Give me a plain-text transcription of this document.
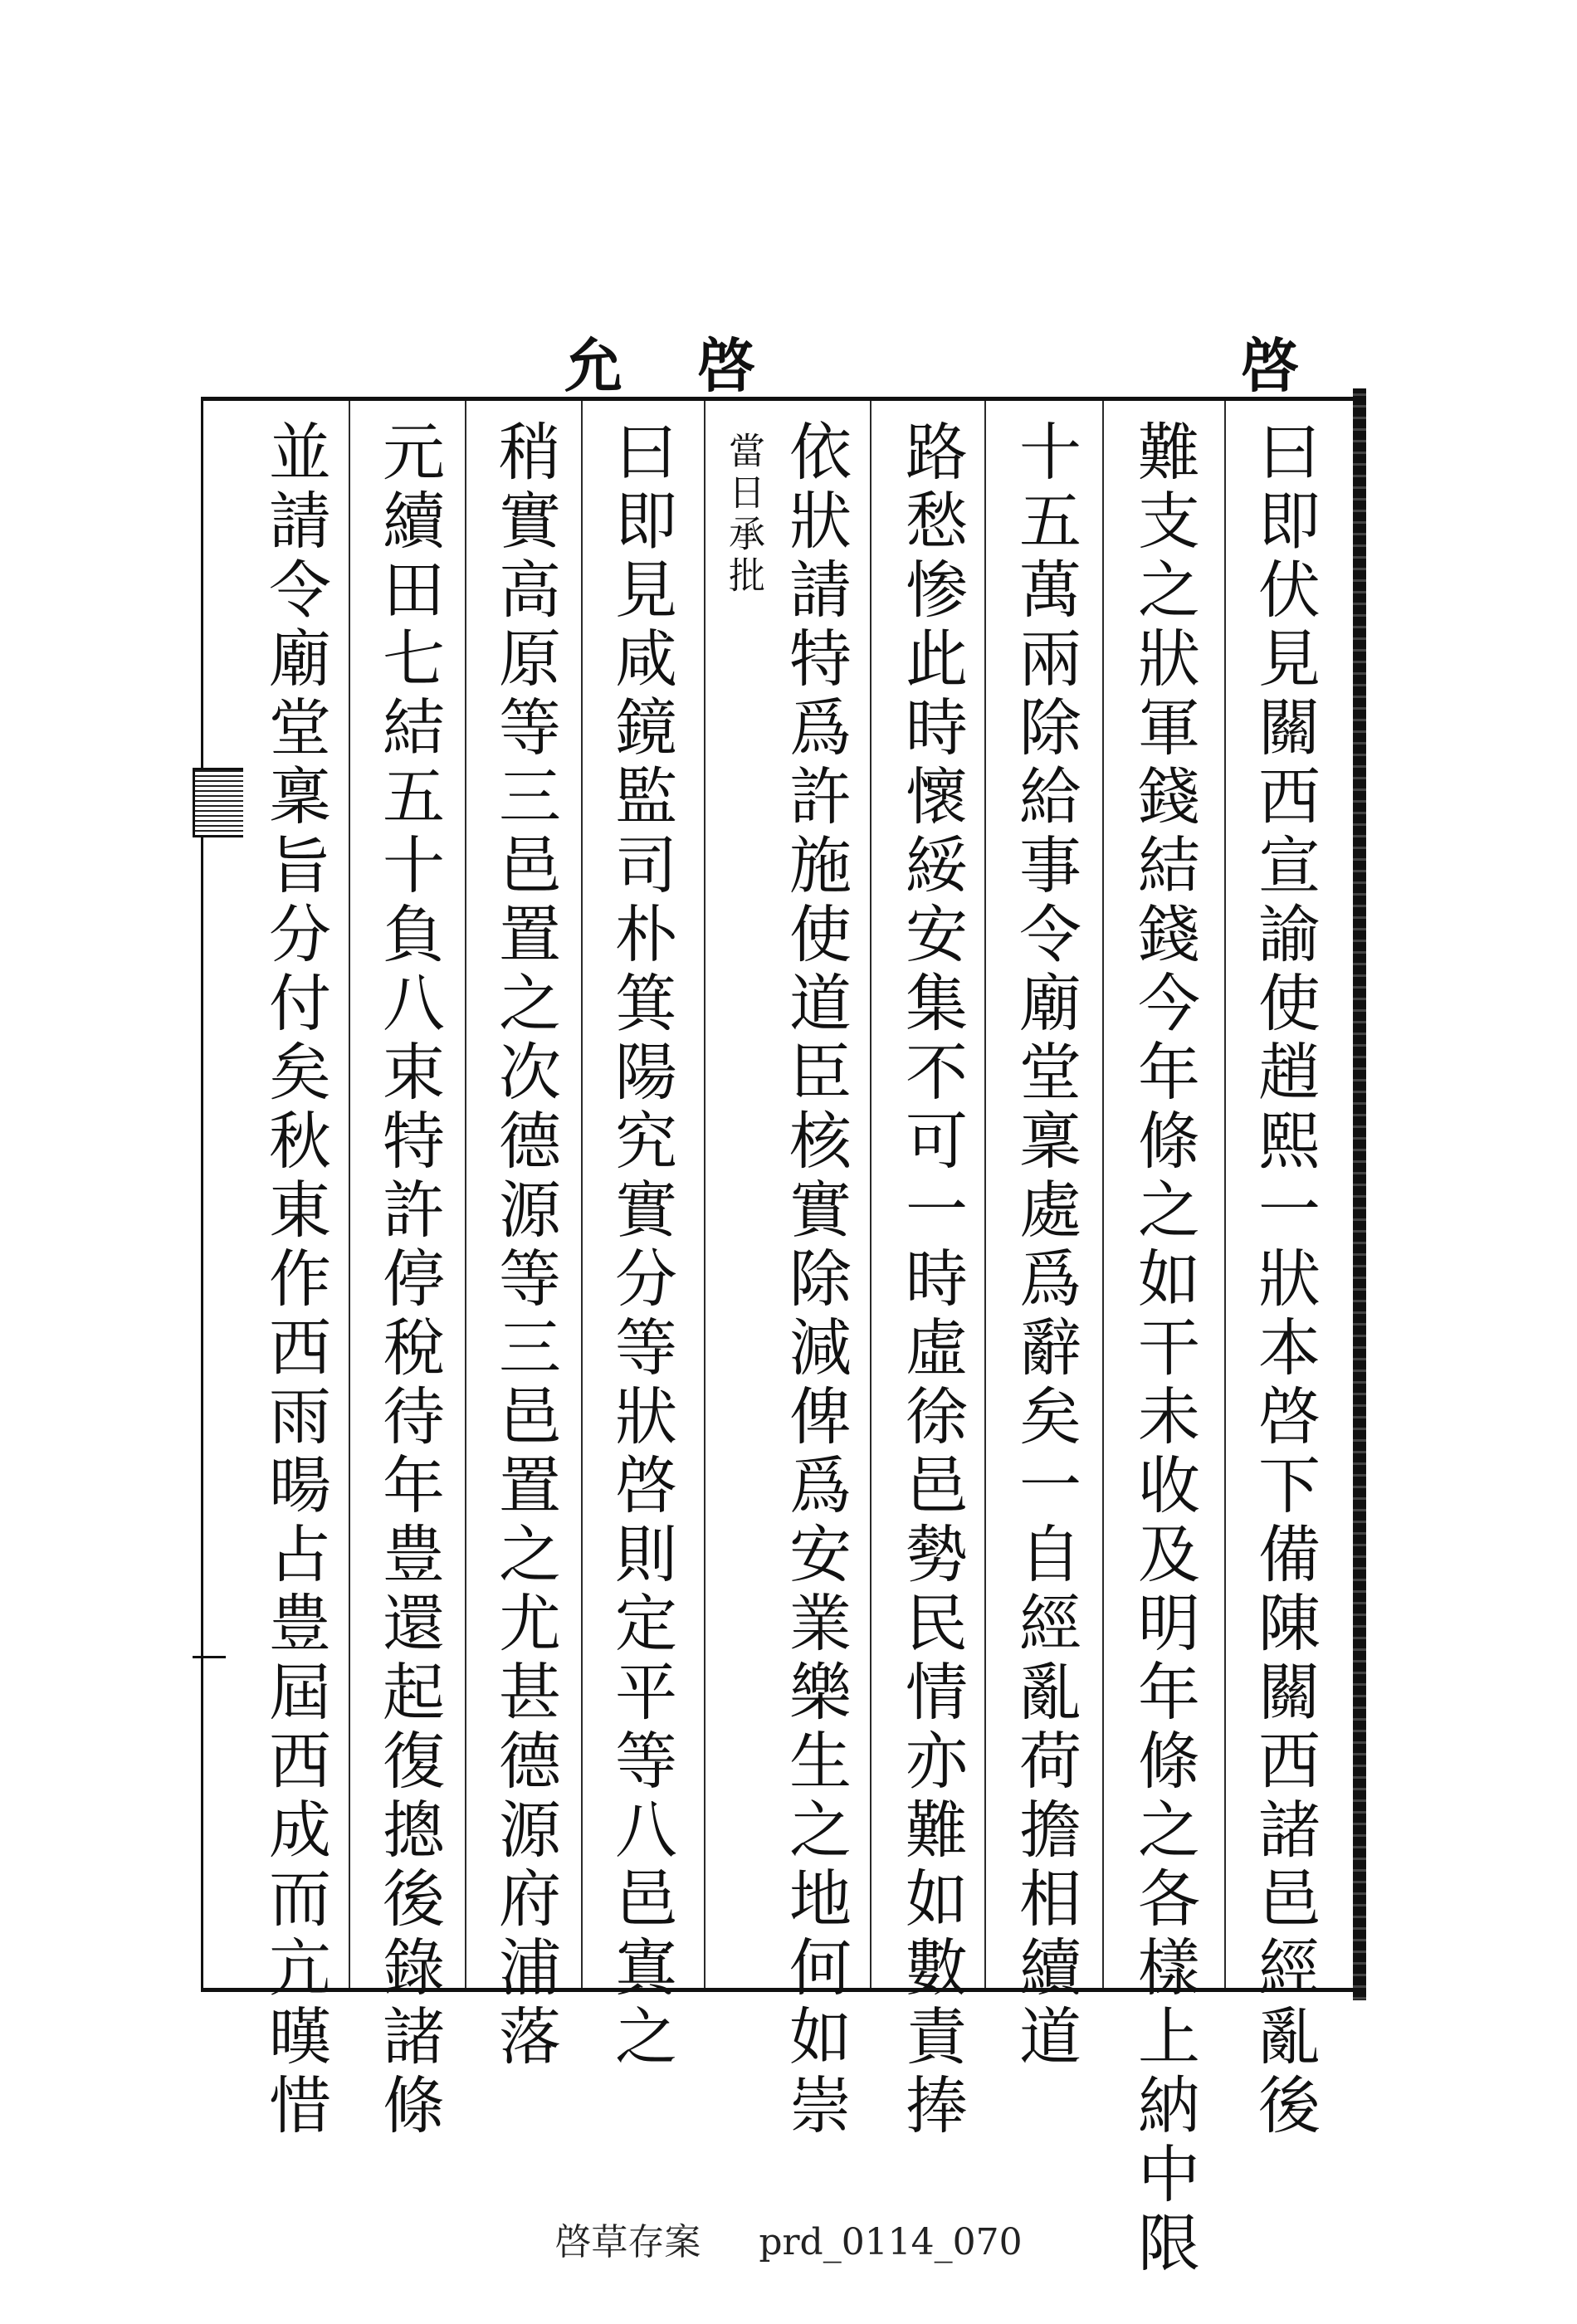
啓
允啓
曰即伏見關西宣諭使趙熙一狀本啓下備陳關西諸邑經亂後
難支之狀軍錢結錢今年條之如干未收及明年條之各樣上納中限
十五萬兩除給事令廟堂稟處爲辭矣一自經亂荷擔相續道
路愁惨此時懷綏安集不可一時虛徐邑勢民情亦難如數責捧
依狀請特爲許施使道臣核實除減俾爲安業樂生之地何如崇
當日承批
曰即見咸鏡監司朴箕陽究實分等狀啓則定平等八邑寘之
稍實高原等三邑置之次德源等三邑置之尤甚德源府浦落
元續田七結五十負八束特許停稅待年豊還起復摠後錄諸條
並請令廟堂稟旨分付矣秋東作西雨暘占豊屆西成而亢暵惜
啓草存案 prd_0114_070
